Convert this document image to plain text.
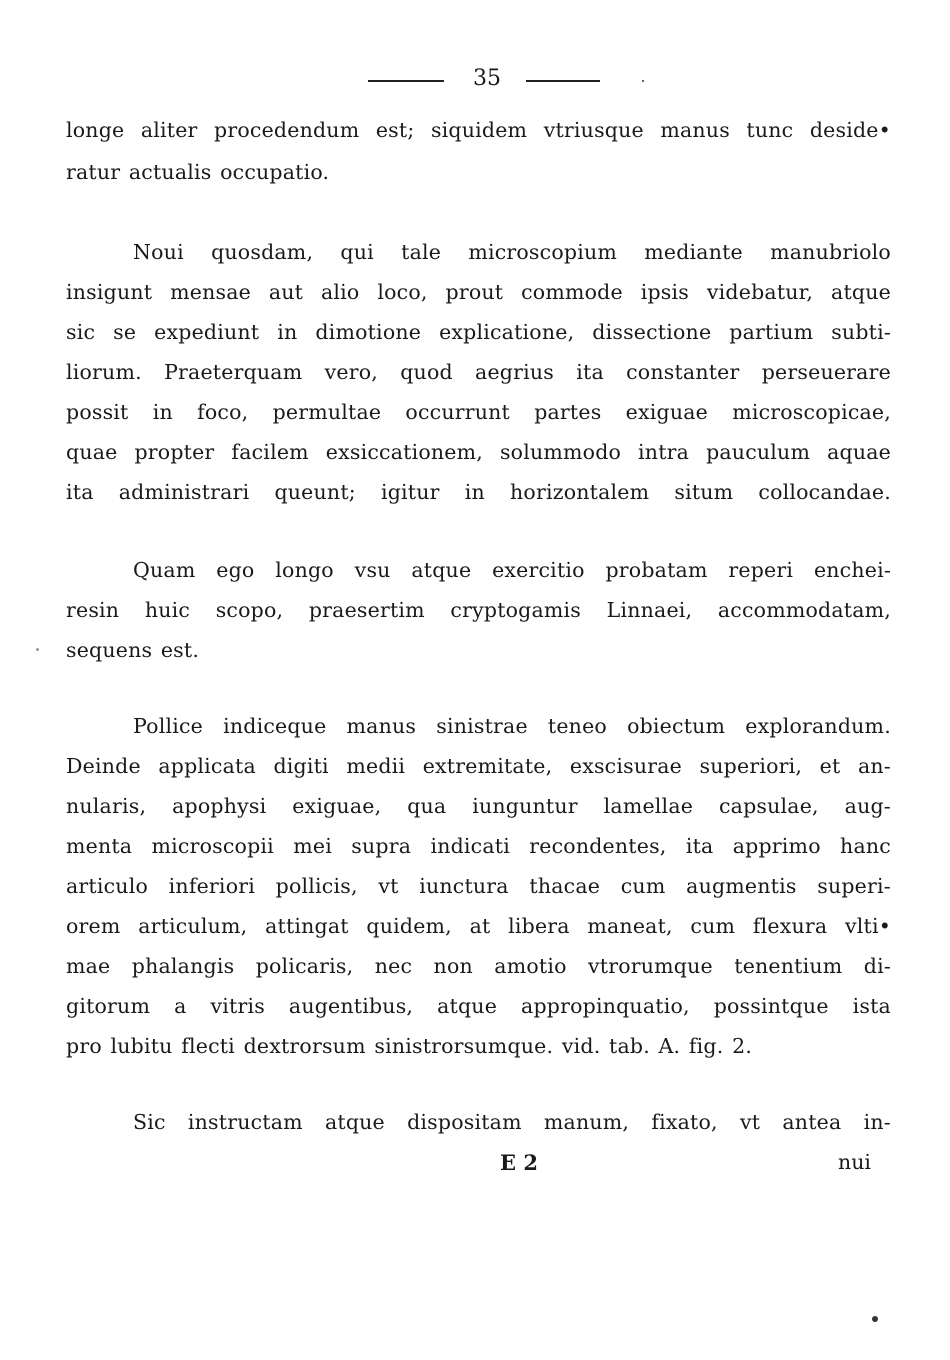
35
longe aliter procedendum est; siquidem vtriusque manus tunc deside•
ratur actualis occupatio.
Noui quosdam, qui tale microscopium mediante manubriolo
insigunt mensae aut alio loco, prout commode ipsis videbatur, atque
sic se expediunt in dimotione explicatione, dissectione partium subti-
liorum. Praeterquam vero, quod aegrius ita constanter perseuerare
possit in foco, permultae occurrunt partes exiguae microscopicae,
quae propter facilem exsiccationem, solummodo intra pauculum aquae
ita administrari queunt; igitur in horizontalem situm collocandae.
Quam ego longo vsu atque exercitio probatam reperi enchei-
resin huic scopo, praesertim cryptogamis Linnaei, accommodatam,
sequens est.
Pollice indiceque manus sinistrae teneo obiectum explorandum.
Deinde applicata digiti medii extremitate, exscisurae superiori, et an-
nularis, apophysi exiguae, qua iunguntur lamellae capsulae, aug-
menta microscopii mei supra indicati recondentes, ita apprimo hanc
articulo inferiori pollicis, vt iunctura thacae cum augmentis superi-
orem articulum, attingat quidem, at libera maneat, cum flexura vlti•
mae phalangis policaris, nec non amotio vtrorumque tenentium di-
gitorum a vitris augentibus, atque appropinquatio, possintque ista
pro lubitu flecti dextrorsum sinistrorsumque. vid. tab. A. fig. 2.
Sic instructam atque dispositam manum, fixato, vt antea in-
E 2	nui
